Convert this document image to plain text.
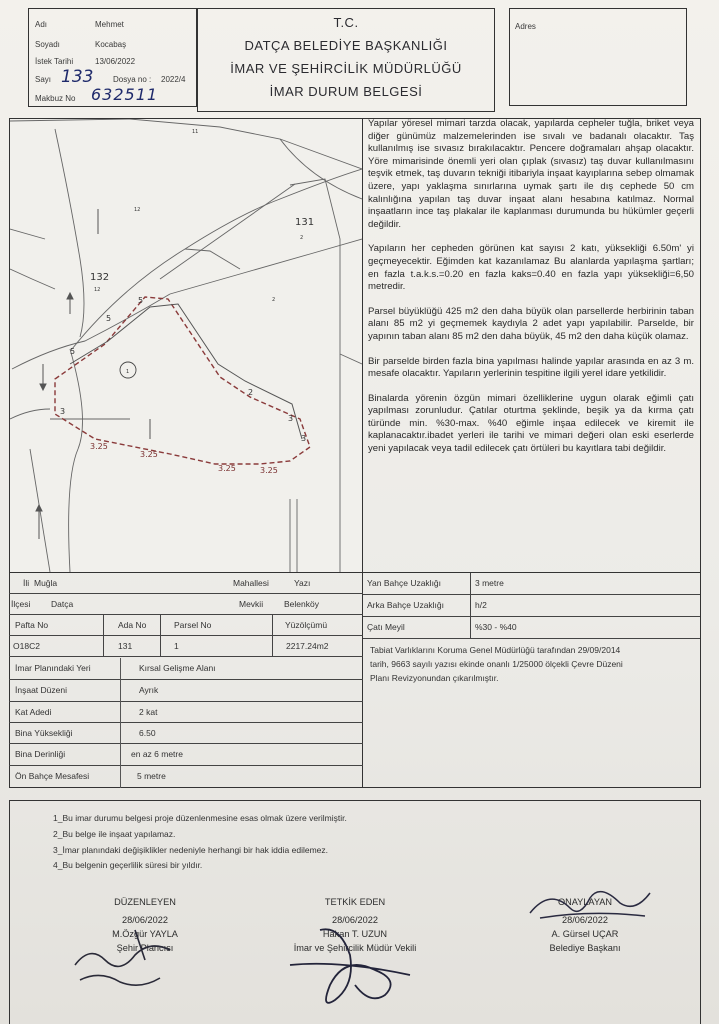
Adı	Mehmet
Soyadı	Kocabaş
İstek Tarihi	13/06/2022
Sayı 133 Dosya no : 2022/4
Makbuz No 632511
T.C.
DATÇA BELEDİYE BAŞKANLIĞI
İMAR VE ŞEHİRCİLİK MÜDÜRLÜĞÜ
İMAR DURUM BELGESİ
Adres
131
2
132
12
1
3.25
3.25
3.25	3.25
3
3
3
5
5
5
2
2
12
11

Yapılar yöresel mimari tarzda olacak, yapılarda cepheler tuğla, briket veya diğer günümüz malzemelerinden ise sıvalı ve badanalı olacaktır. Taş kullanılmış ise sıvasız bırakılacaktır. Pencere doğramaları ahşap olacaktır. Yöre mimarisinde önemli yeri olan çıplak (sıvasız) taş duvar kullanılmasını teşvik etmek, taş duvarın tekniği itibariyla inşaat kayıplarına sebep olmamak üzere, yapı yaklaşma sınırlarına uymak şartı ile dış cephede 50 cm kalınlığına yapılan taş duvar inşaat alanı hesabına katılmaz. Normal inşaatların ince taş plakalar ile kaplanması durumunda bu hükümler geçerli değildir.

Yapıların her cepheden görünen kat sayısı 2 katı, yüksekliği 6.50m' yi geçmeyecektir. Eğimden kat kazanılamaz Bu alanlarda yapılaşma şartları; en fazla t.a.k.s.=0.20 en fazla kaks=0.40 en fazla yapı yüksekliği=6,50 metredir.

Parsel büyüklüğü 425 m2 den daha büyük olan parsellerde herbirinin taban alanı 85 m2 yi geçmemek kaydıyla 2 adet yapı yapılabilir. Parselde, bir yapının taban alanı 85 m2 den daha büyük, 45 m2 den daha küçük olamaz.

Bir parselde birden fazla bina yapılması halinde yapılar arasında en az 3 m. mesafe olacaktır. Yapıların yerlerinin tespitine ilgili yerel idare yetkilidir.

Binalarda yörenin özgün mimari özelliklerine uygun olarak eğimli çatı yapılması zorunludur. Çatılar oturtma şeklinde, beşik ya da kırma çatı türünde min. %30-max. %40 eğimle inşaa edilecek ve kiremit ile kaplanacaktır.ibadet yerleri ile tarihi ve mimari değeri olan eski eserlerde yeni yapılacak veya tadil edilecek çatı örtüleri bu kayıtlara tabi değildir.

İli Muğla	Mahallesi	Yazı
İlçesi Datça	Mevkii Belenköy
Pafta No	Ada No	Parsel No	Yüzölçümü
O18C2	131	1	2217.24m2
İmar Planındaki Yeri	Kırsal Gelişme Alanı
İnşaat Düzeni	Ayrık
Kat Adedi	2 kat
Bina Yüksekliği	6.50
Bina Derinliği	en az 6 metre
Ön Bahçe Mesafesi	5 metre
Yan Bahçe Uzaklığı	3 metre
Arka Bahçe Uzaklığı	h/2
Çatı Meyil	%30 - %40
Tabiat Varlıklarını Koruma Genel Müdürlüğü tarafından 29/09/2014
tarih, 9663 sayılı yazısı ekinde onanlı 1/25000 ölçekli Çevre Düzeni
Planı Revizyonundan çıkarılmıştır.
1_Bu imar durumu belgesi proje düzenlenmesine esas olmak üzere verilmiştir.
2_Bu belge ile inşaat yapılamaz.
3_İmar planındaki değişiklikler nedeniyle herhangi bir hak iddia edilemez.
4_Bu belgenin geçerlilik süresi bir yıldır.
DÜZENLEYEN
28/06/2022
M.Özgür YAYLA
Şehir Plancısı
TETKİK EDEN
28/06/2022
Hakan T. UZUN
İmar ve Şehircilik Müdür Vekili
ONAYLAYAN
28/06/2022
A. Gürsel UÇAR
Belediye Başkanı
